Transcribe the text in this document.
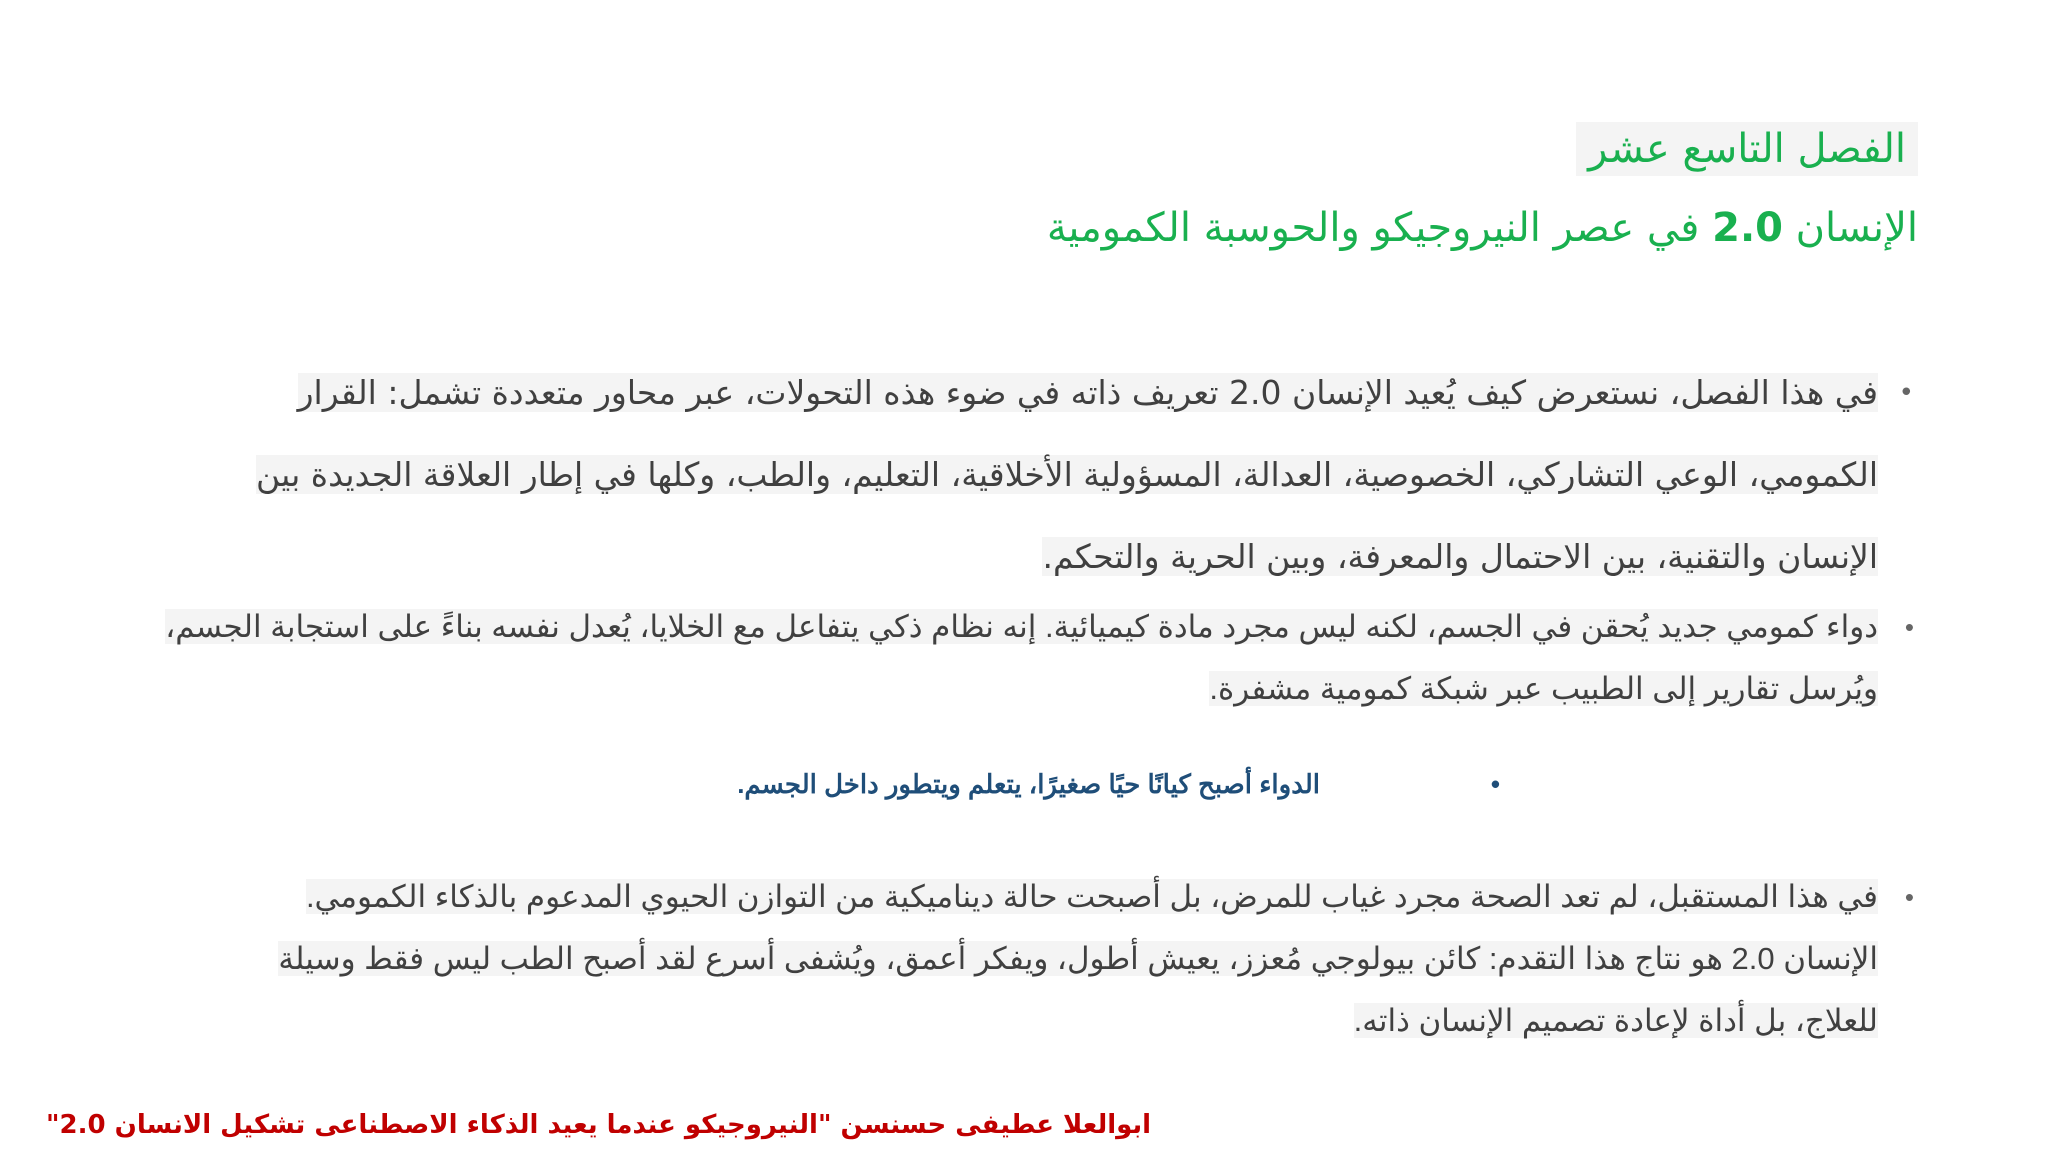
الفصل التاسع عشر
الإنسان 2.0 في عصر النيروجيكو والحوسبة الكمومية
•
في هذا الفصل، نستعرض كيف يُعيد الإنسان 2.0 تعريف ذاته في ضوء هذه التحولات، عبر محاور متعددة تشمل: القرار الكمومي، الوعي التشاركي، الخصوصية، العدالة، المسؤولية الأخلاقية، التعليم، والطب، وكلها في إطار العلاقة الجديدة بين الإنسان والتقنية، بين الاحتمال والمعرفة، وبين الحرية والتحكم.
•
دواء كمومي جديد يُحقن في الجسم، لكنه ليس مجرد مادة كيميائية. إنه نظام ذكي يتفاعل مع الخلايا، يُعدل نفسه بناءً على استجابة الجسم، ويُرسل تقارير إلى الطبيب عبر شبكة كمومية مشفرة.
•
الدواء أصبح كيانًا حيًا صغيرًا، يتعلم ويتطور داخل الجسم.
•
في هذا المستقبل، لم تعد الصحة مجرد غياب للمرض، بل أصبحت حالة ديناميكية من التوازن الحيوي المدعوم بالذكاء الكمومي. الإنسان 2.0 هو نتاج هذا التقدم: كائن بيولوجي مُعزز، يعيش أطول، ويفكر أعمق، ويُشفى أسرع لقد أصبح الطب ليس فقط وسيلة للعلاج، بل أداة لإعادة تصميم الإنسان ذاته.
ابوالعلا عطيفى حسنسن "النيروجيكو عندما يعيد الذكاء الاصطناعى تشكيل الانسان 2.0"
